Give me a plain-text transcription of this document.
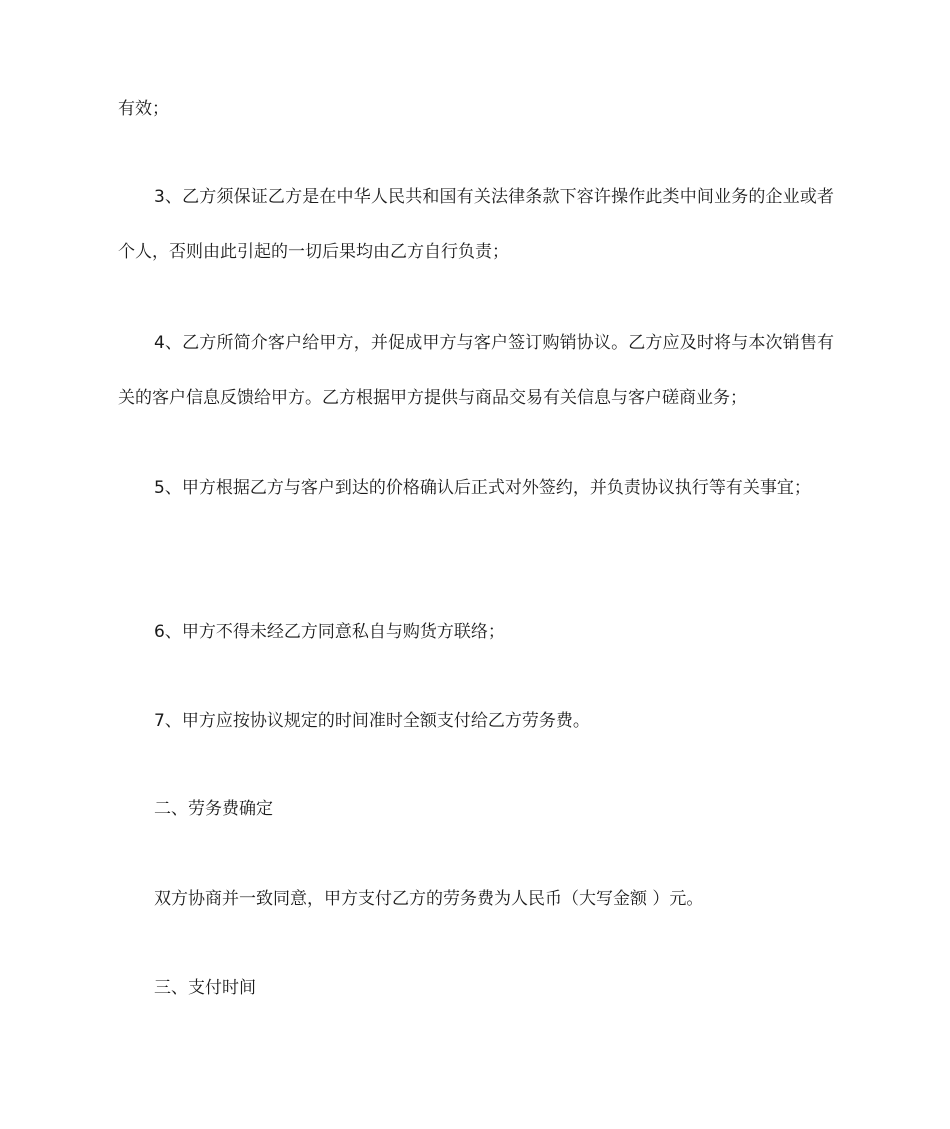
有效；

3、乙方须保证乙方是在中华人民共和国有关法律条款下容许操作此类中间业务的企业或者个人，否则由此引起的一切后果均由乙方自行负责；

4、乙方所简介客户给甲方，并促成甲方与客户签订购销协议。乙方应及时将与本次销售有关的客户信息反馈给甲方。乙方根据甲方提供与商品交易有关信息与客户磋商业务；

5、甲方根据乙方与客户到达的价格确认后正式对外签约，并负责协议执行等有关事宜；

6、甲方不得未经乙方同意私自与购货方联络；

7、甲方应按协议规定的时间准时全额支付给乙方劳务费。

二、劳务费确定

双方协商并一致同意，甲方支付乙方的劳务费为人民币（大写金额 ）元。

三、支付时间
